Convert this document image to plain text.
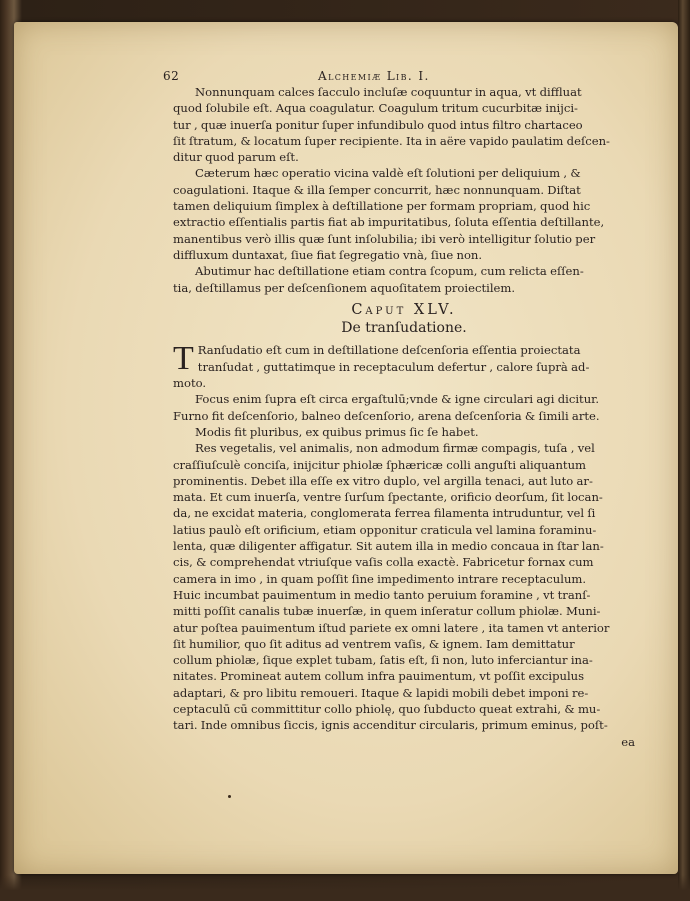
62	Alchemiæ Lib. I.
Nonnunquam calces ſacculo incluſæ coquuntur in aqua, vt diffluat
quod ſolubile eſt. Aqua coagulatur. Coagulum tritum cucurbitæ inijci-
tur , quæ inuerſa ponitur ſuper infundibulo quod intus filtro chartaceo
ſit ſtratum, & locatum ſuper recipiente. Ita in aëre vapido paulatim deſcen-
ditur quod parum eſt.
Cæterum hæc operatio vicina valdè eſt ſolutioni per deliquium , &
coagulationi. Itaque & illa ſemper concurrit, hæc nonnunquam. Diſtat
tamen deliquium ſimplex à deſtillatione per formam propriam, quod hic
extractio eſſentialis partis fiat ab impuritatibus, ſoluta eſſentia deſtillante,
manentibus verò illis quæ ſunt inſolubilia; ibi verò intelligitur ſolutio per
diffluxum duntaxat, ſiue fiat ſegregatio vnà, ſiue non.
Abutimur hac deſtillatione etiam contra ſcopum, cum relicta eſſen-
tia, deſtillamus per deſcenſionem aquoſitatem proiectilem.
Caput XLV.
De tranſudatione.
T Ranſudatio eſt cum in deſtillatione deſcenſoria eſſentia proiectata
tranſudat , guttatimque in receptaculum defertur , calore ſuprà ad-
moto.
Focus enim ſupra eſt circa ergaſtulū;vnde & igne circulari agi dicitur.
Furno fit deſcenſorio, balneo deſcenſorio, arena deſcenſoria & ſimili arte.
Modis fit pluribus, ex quibus primus ſic ſe habet.
Res vegetalis, vel animalis, non admodum firmæ compagis, tuſa , vel
craſſiuſculè conciſa, inijcitur phiolæ ſphæricæ colli anguſti aliquantum
prominentis. Debet illa eſſe ex vitro duplo, vel argilla tenaci, aut luto ar-
mata. Et cum inuerſa, ventre ſurſum ſpectante, orificio deorſum, ſit locan-
da, ne excidat materia, conglomerata ferrea filamenta intruduntur, vel ſi
latius paulò eſt orificium, etiam opponitur craticula vel lamina foraminu-
lenta, quæ diligenter affigatur. Sit autem illa in medio concaua in ſtar lan-
cis, & comprehendat vtriuſque vaſis colla exactè. Fabricetur fornax cum
camera in imo , in quam poſſit ſine impedimento intrare receptaculum.
Huic incumbat pauimentum in medio tanto peruium foramine , vt tranſ-
mitti poſſit canalis tubæ inuerſæ, in quem inſeratur collum phiolæ. Muni-
atur poſtea pauimentum iſtud pariete ex omni latere , ita tamen vt anterior
ſit humilior, quo ſit aditus ad ventrem vaſis, & ignem. Iam demittatur
collum phiolæ, ſique explet tubam, ſatis eſt, ſi non, luto inferciantur ina-
nitates. Promineat autem collum infra pauimentum, vt poſſit excipulus
adaptari, & pro libitu remoueri. Itaque & lapidi mobili debet imponi re-
ceptaculū cū committitur collo phiolę, quo ſubducto queat extrahi, & mu-
tari. Inde omnibus ſiccis, ignis accenditur circularis, primum eminus, poſt-
ea
